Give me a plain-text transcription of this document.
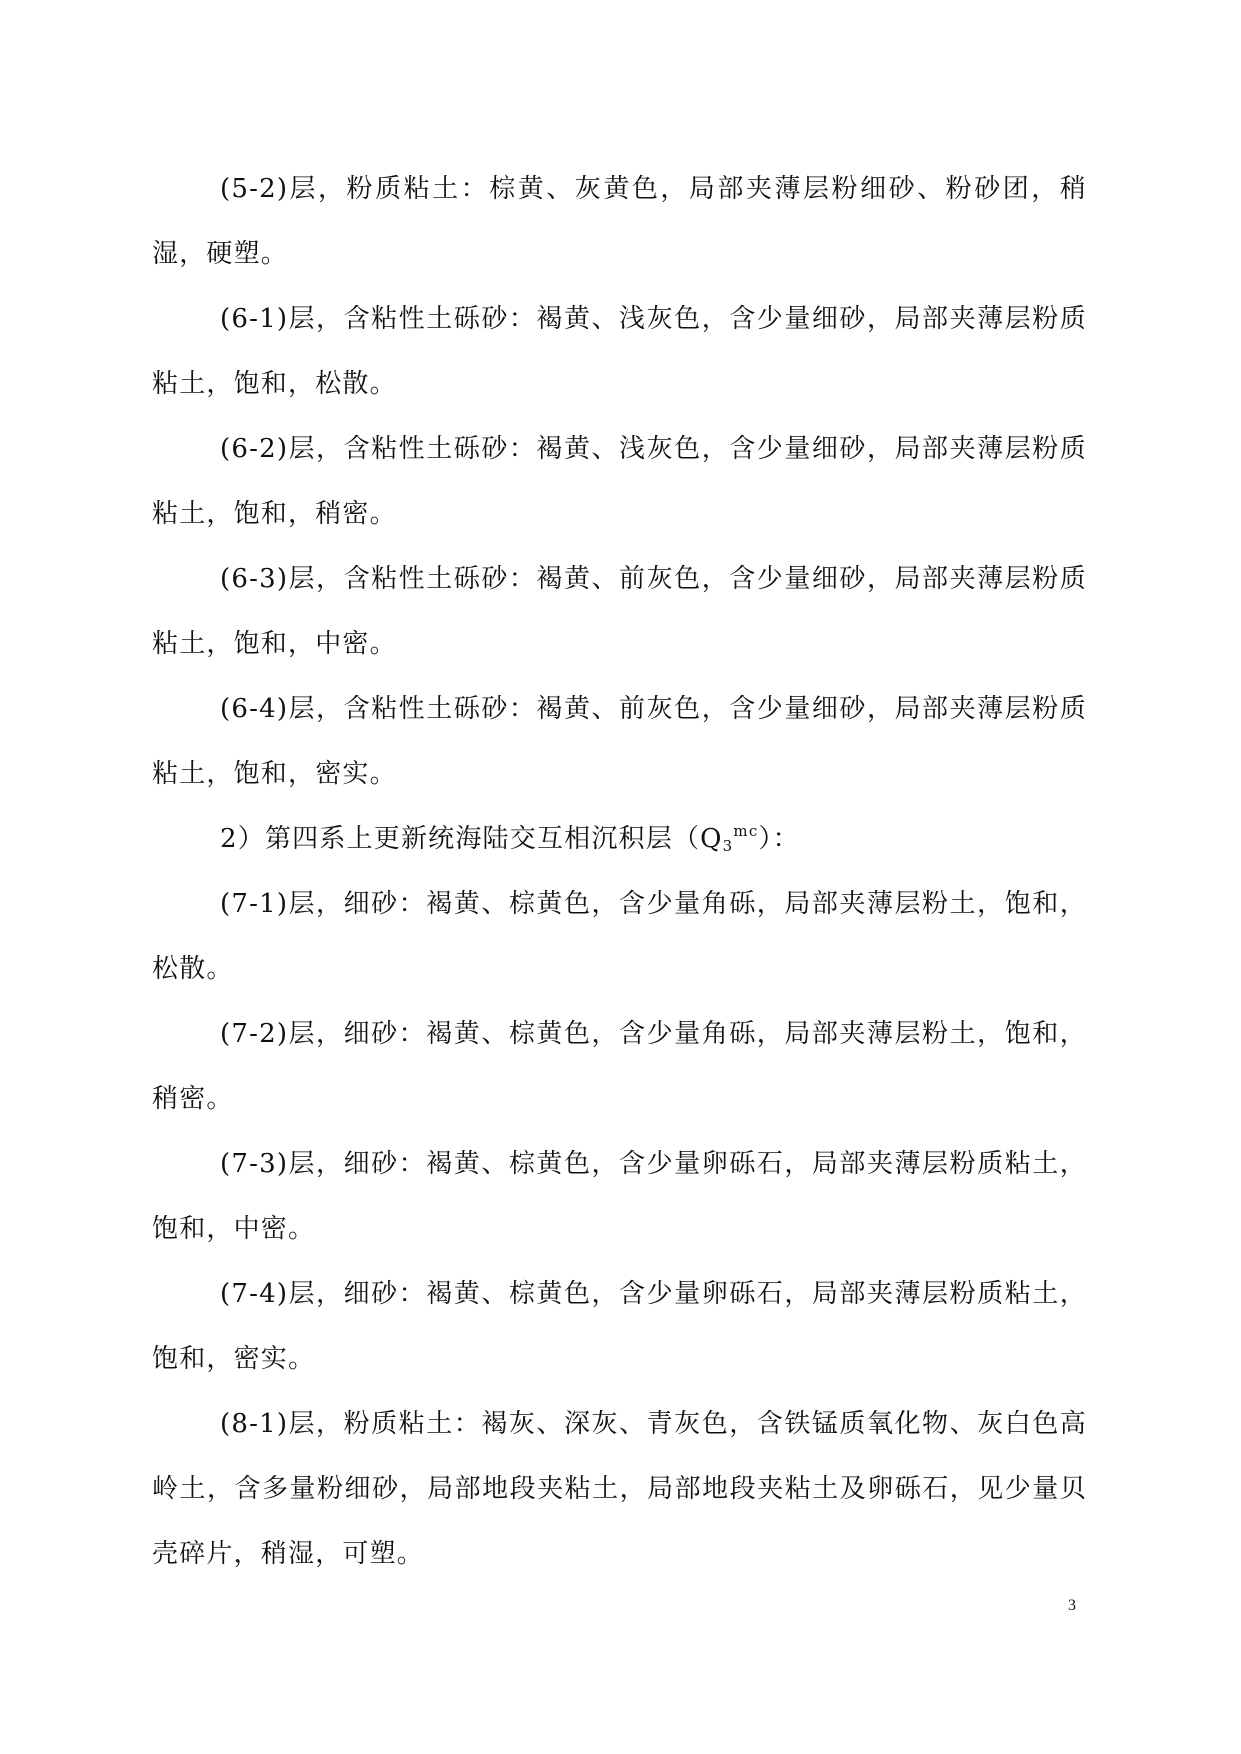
(5-2)层，粉质粘土：棕黄、灰黄色，局部夹薄层粉细砂、粉砂团，稍湿，硬塑。

(6-1)层，含粘性土砾砂：褐黄、浅灰色，含少量细砂，局部夹薄层粉质粘土，饱和，松散。

(6-2)层，含粘性土砾砂：褐黄、浅灰色，含少量细砂，局部夹薄层粉质粘土，饱和，稍密。

(6-3)层，含粘性土砾砂：褐黄、前灰色，含少量细砂，局部夹薄层粉质粘土，饱和，中密。

(6-4)层，含粘性土砾砂：褐黄、前灰色，含少量细砂，局部夹薄层粉质粘土，饱和，密实。

2）第四系上更新统海陆交互相沉积层$(Q_3^{mc})$：

(7-1)层，细砂：褐黄、棕黄色，含少量角砾，局部夹薄层粉土，饱和，松散。

(7-2)层，细砂：褐黄、棕黄色，含少量角砾，局部夹薄层粉土，饱和，稍密。

(7-3)层，细砂：褐黄、棕黄色，含少量卵砾石，局部夹薄层粉质粘土，饱和，中密。

(7-4)层，细砂：褐黄、棕黄色，含少量卵砾石，局部夹薄层粉质粘土，饱和，密实。

(8-1)层，粉质粘土：褐灰、深灰、青灰色，含铁锰质氧化物、灰白色高岭土，含多量粉细砂，局部地段夹粘土，局部地段夹粘土及卵砾石，见少量贝壳碎片，稍湿，可塑。

3
